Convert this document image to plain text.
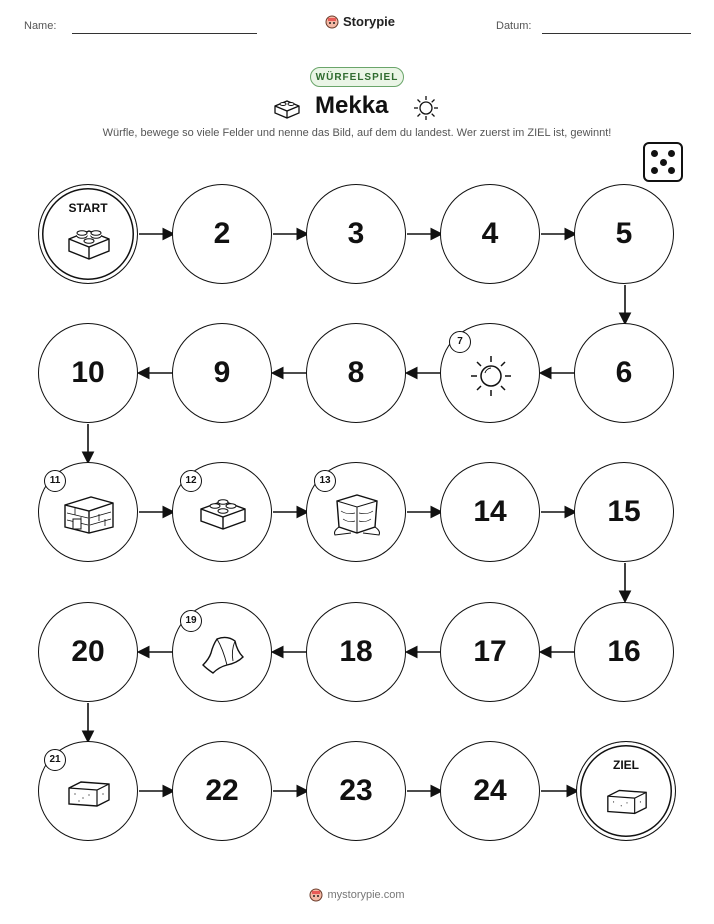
Name:	Storypie	Datum:
WÜRFELSPIEL
Mekka
Würfle, bewege so viele Felder und nenne das Bild, auf dem du landest. Wer zuerst im ZIEL ist, gewinnt!
START
2	3	4	5
10	9	8
7
6
11	12	13
14	15
20
19
18	17	16
21
22	23	24
ZIEL
mystorypie.com
